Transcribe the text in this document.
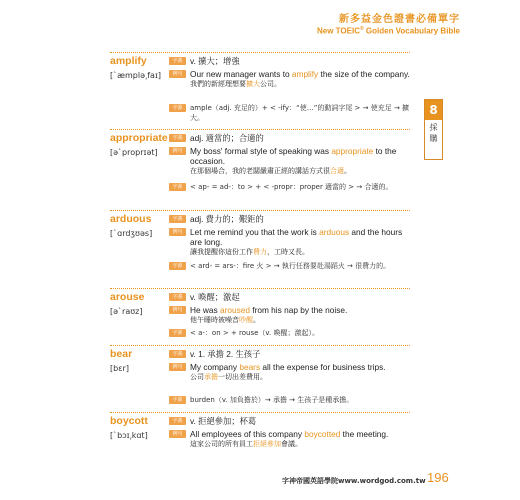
新多益金色證書必備單字
New TOEIC® Golden Vocabulary Bible
amplify
[ˋæmplə͵faɪ]
字義 v. 擴大；增強
例句 Our new manager wants to amplify the size of the company.
我們的新經理想要擴大公司。
字源	ample（adj. 充足的）+ < -ify：“使…”的動詞字尾 > → 使充足 → 擴大。
appropriate
[əˋproprɪət]
字義 adj. 適當的；合適的
例句 My boss' formal style of speaking was appropriate to the occasion.
在那個場合，我的老闆嚴肅正經的講話方式很合適。
字源	< ap- = ad-：to > + < -propr：proper 適當的 > → 合適的。
arduous
[ˋɑrdʒʊəs]
字義 adj. 費力的；艱鉅的
例句 Let me remind you that the work is arduous and the hours are long.
讓我提醒你這份工作費力，工時又長。
字源	< ard- = ars-：fire 火 > → 執行任務要赴湯蹈火 → 很費力的。
arouse
[əˋraʊz]
字義 v. 喚醒；激起
例句 He was aroused from his nap by the noise.
他午睡時被噪音吵醒。
字源	< a-：on > + rouse（v. 喚醒；激起）。
bear
[bɛr]
字義 v. 1. 承擔 2. 生孩子
例句 My company bears all the expense for business trips.
公司承擔一切出差費用。
字源	burden（v. 加負擔於）→ 承擔 → 生孩子是種承擔。
boycott
[ˋbɔɪ͵kɑt]
字義 v. 拒絕參加；杯葛
例句 All employees of this company boycotted the meeting.
這家公司的所有員工拒絕參加會議。
8
採
購
字神帝國英語學院www.wordgod.com.tw 196
